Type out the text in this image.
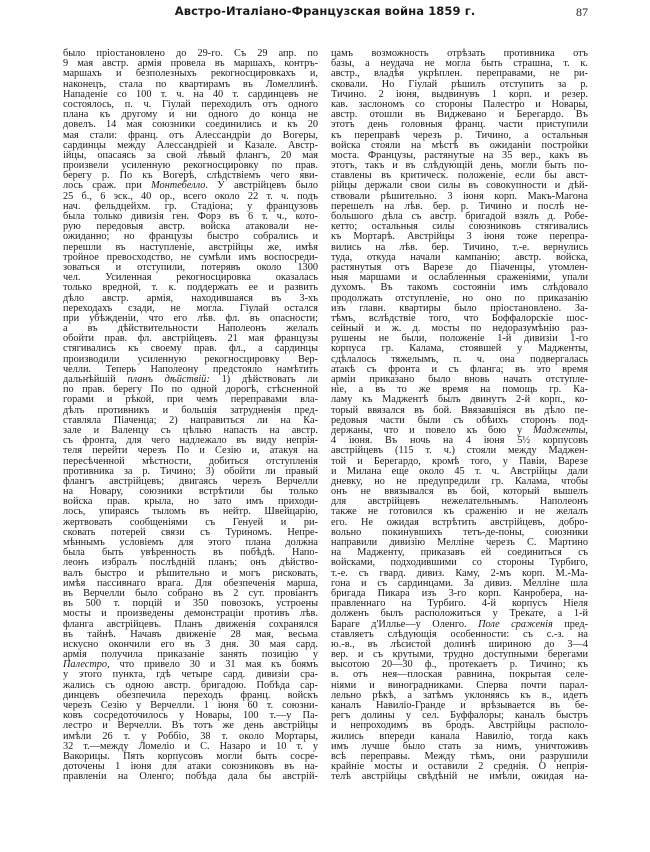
Австро-Италіано-Французская война 1859 г.	87
было пріостановлено до 29-го. Съ 29 апр. по
9 мая австр. армія провела въ маршахъ, контръ-
маршахъ и безполезныхъ рекогносцировкахъ и,
наконецъ, стала по квартирамъ въ Ломеллинѣ.
Нападеніе со 100 т. ч. на 40 т. сардинцевъ не
состоялось, п. ч. Гіулай переходилъ отъ одного
плана къ другому и ни одного до конца не
довелъ. 14 мая союзники соединились и къ 20
мая стали: франц. отъ Алессандріи до Вогеры,
сардинцы между Алессандріей и Казале. Австр-
ійцы, опасаясь за свой лѣвый флангъ, 20 мая
произвели усиленную рекогносцировку по прав.
берегу р. По къ Вогерѣ, слѣдствіемъ чего яви-
лось сраж. при Монтебелло. У австрійцевъ было
25 б., 6 эск., 40 ор., всего около 22 т. ч. подъ
нач. фельдцейхм. гр. Стадіона; у французовъ
была только дивизія ген. Форэ въ 6 т. ч., кото-
рую передовыя австр. войска атаковали не-
ожиданно; но французы быстро собрались и
перешли въ наступленіе, австрійцы же, имѣя
тройное превосходство, не сумѣли имъ воспосреди-
зоваться и отступили, потерявъ около 1300
чел. Усиленная рекогносцировка оказалась
только вредной, т. к. поддержать ее и развить
дѣло австр. армія, находившаяся въ 3-хъ
переходахъ сзади, не могла. Гіулай остался
при убѣжденіи, что его лѣв. фл. въ опасности;
а въ дѣйствительности Наполеонъ желалъ
обойти прав. фл. австрійцевъ. 21 мая французы
стягивались къ своему прав. фл., а сардинцы
производили усиленную рекогносцировку Вер-
челли. Теперь Наполеону предстояло намѣтить
дальнѣйшій планъ дѣйствій: 1) дѣйствовать ли
по прав. берегу По по одной дорогѣ, стѣсненной
горами и рѣкой, при чемъ переправами вла-
дѣлъ противникъ и большія затрудненія пред-
ставляла Піаченца; 2) направиться ли на Ка-
зале и Валенцу съ цѣлью напасть на австр.
съ фронта, для чего надлежало въ виду непрія-
теля перейти черезъ По и Сезію и, атакуя на
пересѣченной мѣстности, добиться отступленія
противника за р. Тичино; 3) обойти ли правый
флангъ австрійцевъ; двигаясь черезъ Верчелли
на Новару, союзники встрѣтили бы только
войска прав. крыла, но зато имъ приходи-
лось, упираясь тыломъ въ нейтр. Швейцарію,
жертвовать сообщеніями съ Генуей и ри-
сковать потерей связи съ Туриномъ. Непре-
мѣннымъ условіемъ для этого плана должна
была быть увѣренность въ побѣдѣ. Напо-
леонъ избралъ послѣдній планъ; онъ дѣйство-
валъ быстро и рѣшительно и могъ рисковать,
имѣя пассивнаго врага. Для обезпеченія марша,
въ Верчелли было собрано въ 2 сут. провіантъ
въ 500 т. порцій и 350 повозокъ, устроены
мосты и произведены демонстраціи противъ лѣв.
фланга австрійцевъ. Планъ движенія сохранялся
въ тайнѣ. Начавъ движеніе 28 мая, весьма
искусно окончили его въ 3 дня. 30 мая сард.
армія получила приказаніе занять позицію у
Палестро, что привело 30 и 31 мая къ боямъ
у этого пункта, гдѣ четыре сард. дивизіи сра-
жались съ одною австр. бригадою. Побѣда сар-
динцевъ обезпечила переходъ франц. войскъ
черезъ Сезію у Верчелли. 1 іюня 60 т. союзни-
ковъ сосредоточилось у Новары, 100 т.—у Па-
лестро и Верчелли. Въ тотъ же день австрійцы
имѣли 26 т. у Роббіо, 38 т. около Мортары,
32 т.—между Ломеліо и С. Назаро и 10 т. у
Вакорицы. Пять корпусовъ могли быть сосре-
доточены 1 іюня для атаки союзниковъ въ на-
правленіи на Оленго; побѣда дала бы австрій-
цамъ возможность отрѣзать противника отъ
базы, а неудача не могла быть страшна, т. к.
австр., владѣя укрѣплен. переправами, не ри-
сковали. Но Гіулай рѣшилъ отступить за р.
Тичино. 2 іюня, выдвинувъ 1 корп. и резер.
кав. заслономъ со стороны Палестро и Новары,
австр. отошли въ Виджевано и Берегардо. Въ
этотъ день головныя франц. части приступили
къ переправѣ черезъ р. Тичино, а остальныя
войска стояли на мѣстѣ въ ожиданіи постройки
моста. Французы, растянутые на 35 вер., какъ въ
этотъ, такъ и въ слѣдующій день, могли быть по-
ставлены въ критическ. положеніе, если бы авст-
рійцы держали свои силы въ совокупности и дѣй-
ствовали рѣшительно. 3 іюня корп. Макъ-Магона
перешелъ на лѣв. бер. р. Тичино и послѣ не-
большого дѣла съ австр. бригадой взялъ д. Робе-
кетто; остальныя силы союзниковъ стягивались
къ Мортарѣ. Австрійцы 3 іюня тоже перепра-
вились на лѣв. бер. Тичино, т.-е. вернулись
туда, откуда начали кампанію; австр. войска,
растянутыя отъ Варезе до Піаченцы, утомлен-
ныя маршами и ослабленныя сраженіями, упали
духомъ. Въ такомъ состояніи имъ слѣдовало
продолжать отступленіе, но оно по приказанію
изъ главн. квартиры было пріостановлено. За-
тѣмъ, вслѣдствіе того, что Боффалорскіе шос-
сейный и ж. д. мосты по недоразумѣнію раз-
рушены не были, положеніе 1-й дивизіи 1-го
корпуса гр. Калама, стоявшей у Мадженты,
сдѣлалось тяжелымъ, п. ч. она подвергалась
атакѣ съ фронта и съ фланга; въ это время
арміи приказано было вновь начать отступле-
ніе, а въ то же время на помощь гр. Ка-
ламу къ Маджентѣ былъ двинутъ 2-й корп., ко-
торый ввязался въ бой. Ввязавшіяся въ дѣло пе-
редовыя части были съ обѣихъ сторонъ под-
держаны, что и повело къ бою у Мадженты,
4 іюня. Въ ночь на 4 іюня 5½ корпусовъ
австрійцевъ (115 т. ч.) стояли между Маджен-
той и Берегардо, кромѣ того, у Павіи, Варезе
и Милана еще около 45 т. ч. Австрійцы дали
дневку, но не предупредили гр. Калама, чтобы
онъ не ввязывался въ бой, который вышелъ
для австрійцевъ нежелательнымъ. Наполеонъ
также не готовился къ сраженію и не желалъ
его. Не ожидая встрѣтить австрійцевъ, добро-
вольно покинувшихъ тетъ-де-поны, союзники
направили дивизію Мелліне черезъ С. Мартино
на Мадженту, приказавъ ей соединиться съ
войсками, подходившими со стороны Турбиго,
т.-е. съ гвард. дивиз. Каму, 2-мъ корп. М.-Ма-
гона и съ сардинцами. За дивиз. Мелліне шла
бригада Пикара изъ 3-го корп. Канробера, на-
правленнаго на Турбиго. 4-й корпусъ Ніеля
долженъ былъ расположиться у Трекате, а 1-й
Бараге д'Илльe—у Оленго. Поле сраженія пред-
ставляетъ слѣдующія особенности: съ с.-з. на
ю.-в., въ лѣсистой долинѣ шириною до 3—4
вер. и съ крутыми, трудно доступными берегами
высотою 20—30 ф., протекаетъ р. Тичино; къ
в. отъ нея—плоская равнина, покрытая селе-
ніями и виноградниками. Сперва почти парал-
лельно рѣкѣ, а затѣмъ уклоняясь къ в., идетъ
каналъ Навиліо-Гранде и врѣзывается въ бе-
регъ долины у сел. Буффалоры; каналъ быстръ
и непроходимъ въ бродъ. Австрійцы располо-
жились впереди канала Навиліо, тогда какъ
имъ лучше было стать за нимъ, уничтоживъ
всѣ переправы. Между тѣмъ, они разрушили
крайніе мосты и оставили 2 среднія. О непрія-
телѣ австрійцы свѣдѣній не имѣли, ожидая на-
